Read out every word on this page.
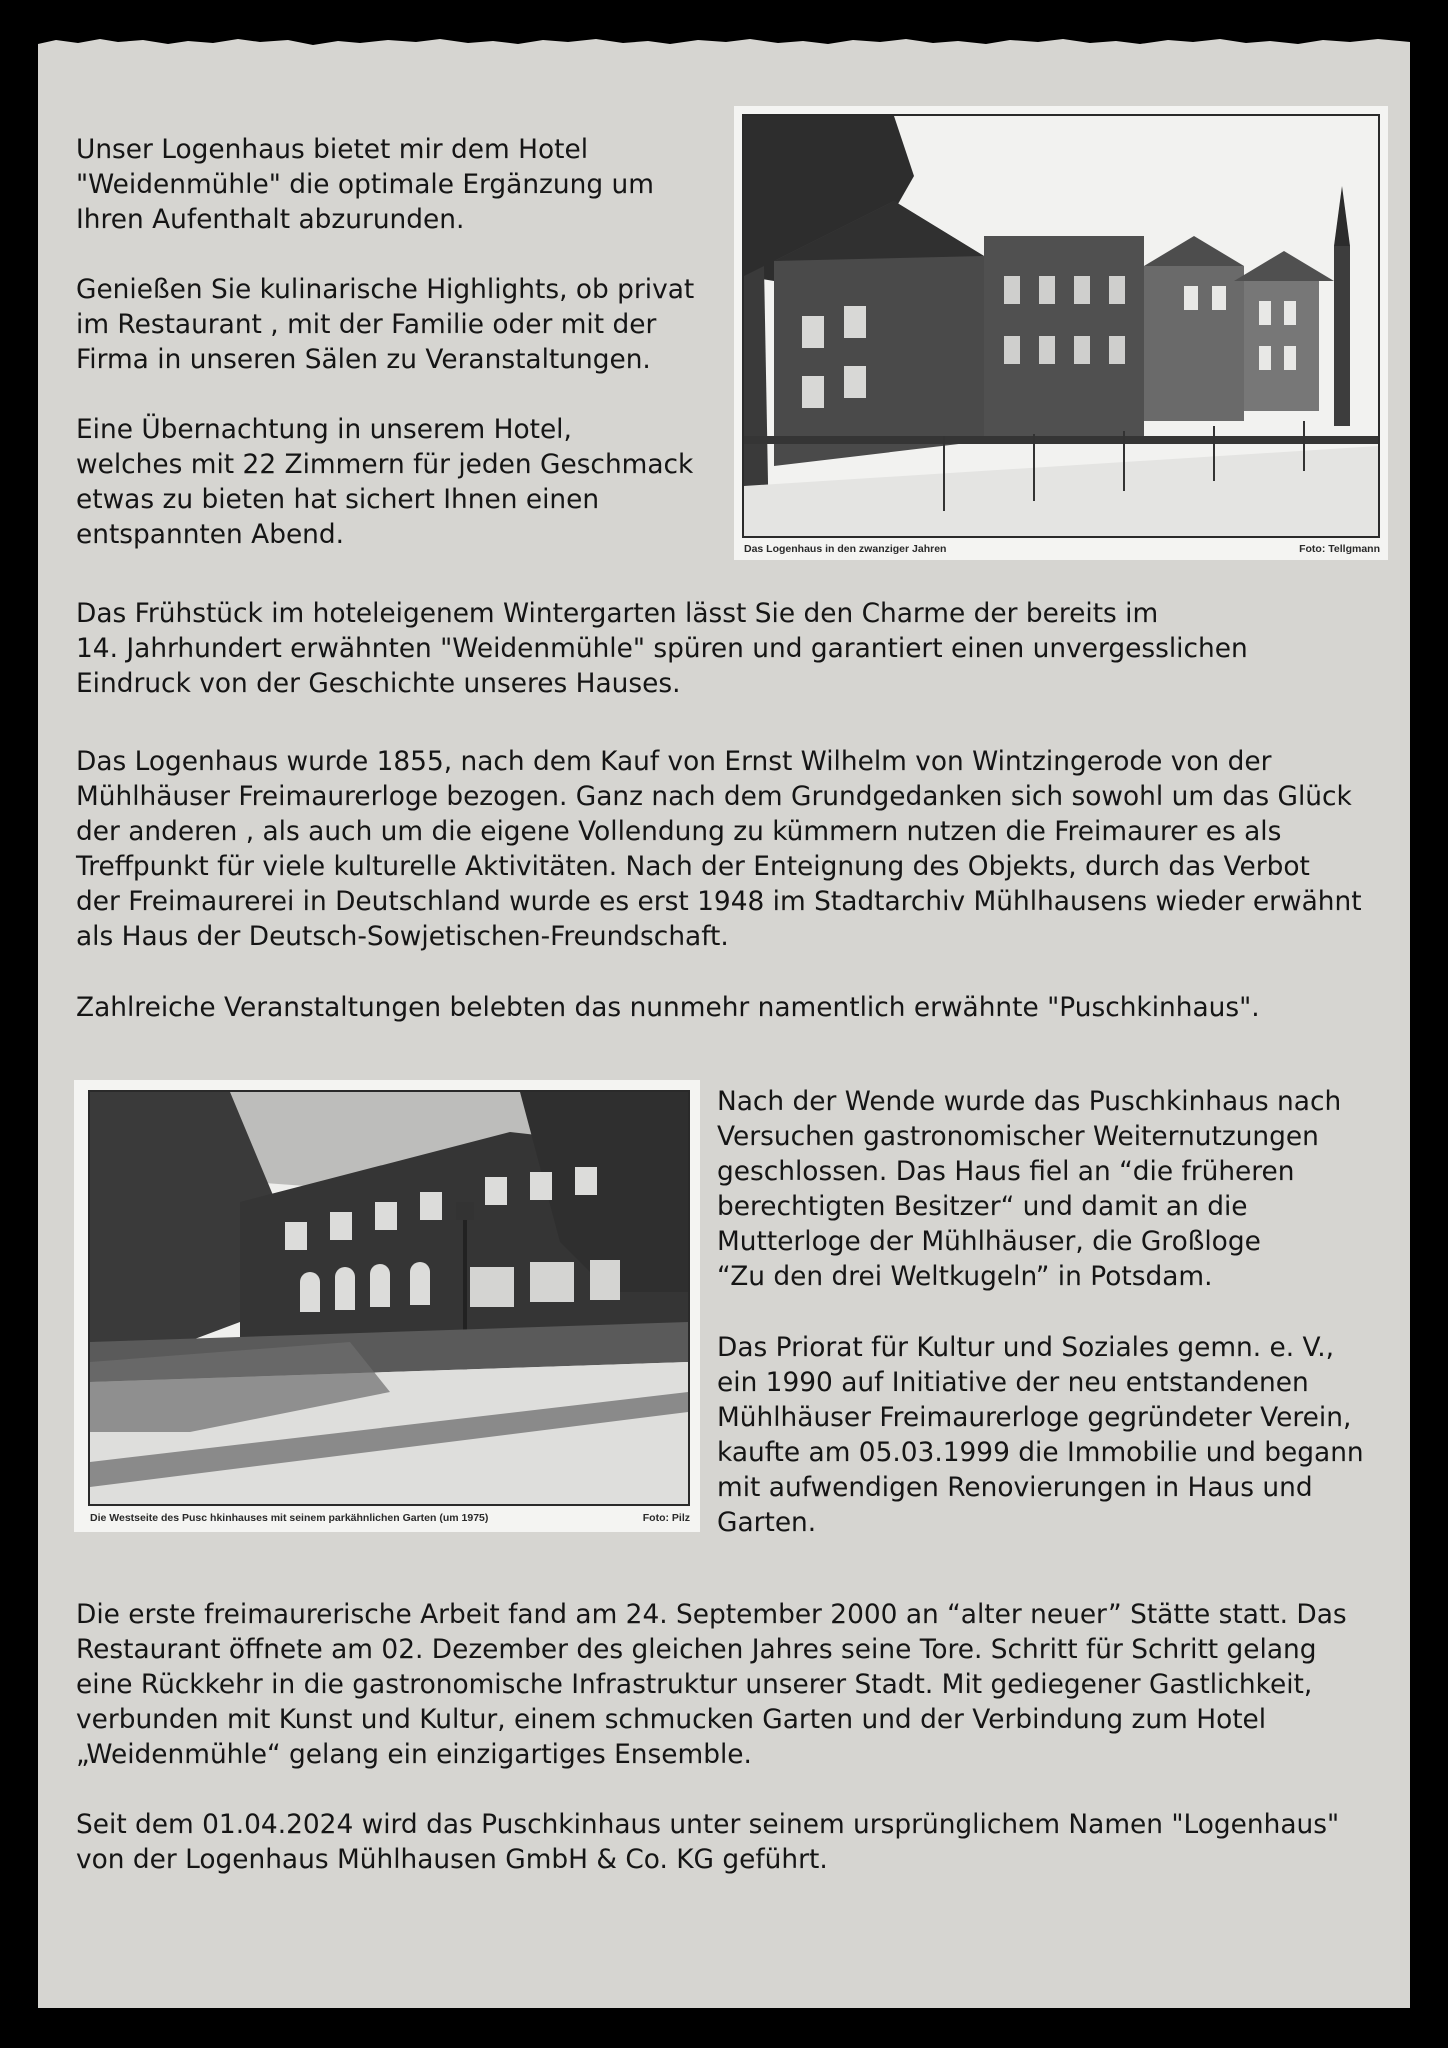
Unser Logenhaus bietet mir dem Hotel
"Weidenmühle" die optimale Ergänzung um
Ihren Aufenthalt abzurunden.

Genießen Sie kulinarische Highlights, ob privat
im Restaurant , mit der Familie oder mit der
Firma in unseren Sälen zu Veranstaltungen.

Eine Übernachtung in unserem Hotel,
welches mit 22 Zimmern für jeden Geschmack
etwas zu bieten hat sichert Ihnen einen
entspannten Abend.	Das Logenhaus in den zwanziger Jahren	Foto: Tellgmann

Das Frühstück im hoteleigenem Wintergarten lässt Sie den Charme der bereits im
14. Jahrhundert erwähnten "Weidenmühle" spüren und garantiert einen unvergesslichen
Eindruck von der Geschichte unseres Hauses.

Das Logenhaus wurde 1855, nach dem Kauf von Ernst Wilhelm von Wintzingerode von der
Mühlhäuser Freimaurerloge bezogen. Ganz nach dem Grundgedanken sich sowohl um das Glück
der anderen , als auch um die eigene Vollendung zu kümmern nutzen die Freimaurer es als
Treffpunkt für viele kulturelle Aktivitäten. Nach der Enteignung des Objekts, durch das Verbot
der Freimaurerei in Deutschland wurde es erst 1948 im Stadtarchiv Mühlhausens wieder erwähnt
als Haus der Deutsch-Sowjetischen-Freundschaft.

Zahlreiche Veranstaltungen belebten das nunmehr namentlich erwähnte "Puschkinhaus".

Die Westseite des Pusc hkinhauses mit seinem parkähnlichen Garten (um 1975)	Foto: Pilz

Nach der Wende wurde das Puschkinhaus nach
Versuchen gastronomischer Weiternutzungen
geschlossen. Das Haus fiel an “die früheren
berechtigten Besitzer“ und damit an die
Mutterloge der Mühlhäuser, die Großloge
“Zu den drei Weltkugeln” in Potsdam.

Das Priorat für Kultur und Soziales gemn. e. V.,
ein 1990 auf Initiative der neu entstandenen
Mühlhäuser Freimaurerloge gegründeter Verein,
kaufte am 05.03.1999 die Immobilie und begann
mit aufwendigen Renovierungen in Haus und
Garten.

Die erste freimaurerische Arbeit fand am 24. September 2000 an “alter neuer” Stätte statt. Das
Restaurant öffnete am 02. Dezember des gleichen Jahres seine Tore. Schritt für Schritt gelang
eine Rückkehr in die gastronomische Infrastruktur unserer Stadt. Mit gediegener Gastlichkeit,
verbunden mit Kunst und Kultur, einem schmucken Garten und der Verbindung zum Hotel
„Weidenmühle“ gelang ein einzigartiges Ensemble.

Seit dem 01.04.2024 wird das Puschkinhaus unter seinem ursprünglichem Namen "Logenhaus"
von der Logenhaus Mühlhausen GmbH & Co. KG geführt.
